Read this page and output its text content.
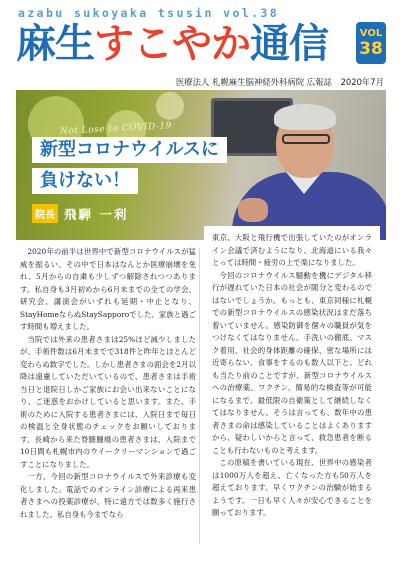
azabu sukoyaka tsusin vol.38
麻生 すこやか 通信	VOL
38
医療法人 札幌麻生脳神経外科病院 広報誌 2020年7月
Not Lose to COVID-19
新型コロナウイルスに
負けない！
院長 飛騨 一利

2020年の前半は世界中で新型コロナウイルスが猛威を振るい、その中で日本はなんとか医療崩壊を免れ、5月からの自粛も少しずつ解除されつつあります。私自身も3月初めから6月末までの全ての学会、研究会、講演会がいずれも延期・中止となり、StayHomeならぬStaySapporoでした。家族と過ごす時間も増えました。

当院では外来の患者さまは25%ほど減少しましたが、手術件数は6月末までで318件と昨年とほとんど変わらぬ数字でした。しかし患者さまの面会を2月以降は遠慮していただいているので、患者さまは手術当日と退院日しかご家族にお会い出来ないことになり、ご迷惑をおかけしていると思います。また、手術のために入院する患者さまには、入院日まで毎日の検温と全身状態のチェックをお願いしております。長崎から来た脊髄腫瘍の患者さまは、入院まで10日間も札幌市内のウイークリーマンションで過ごすことになりました。

一方、今回の新型コロナウイルスで外来診療も変化しました。電話でのオンライン診療による再来患者さまへの投薬診療が、特に遠方では数多く施行されました。私自身も今までなら

東京、大阪と飛行機で出張していたのがオンライン会議で済むようになり、北海道にいる我々とっては時間・疲労の上で楽になりました。

今回のコロナウイルス騒動を機にデジタル移行が遅れていた日本の社会が随分と変わるのではないでしょうか。もっとも、東京同様に札幌での新型コロナウイルスの感染状況はまだ落ち着いていません。感染防御を個々の職員が気をつけなくてはなりません。手洗いの徹底、マスク着用、社会的身体距離の確保、密な場所には近寄らない、食事をするのも数人以下と、どれも当たり前のことですが、新型コロナウイルスへの治療薬、ワクチン、簡易的な検査等が可能になるまで、最低限の自衛策として継続しなくてはなりません。そうは言っても、数年中の患者さまの命は感染していることはよくありますから、疑わしいからと言って、救急患者を断ることも行わないものと考えます。

この原稿を書いている現在、世界中の感染者は1000万人を超え、亡くなった方も50万人を超えております。早くワクチンの治験が始まるようです。一日も早く人々が安心できることを願っております。
